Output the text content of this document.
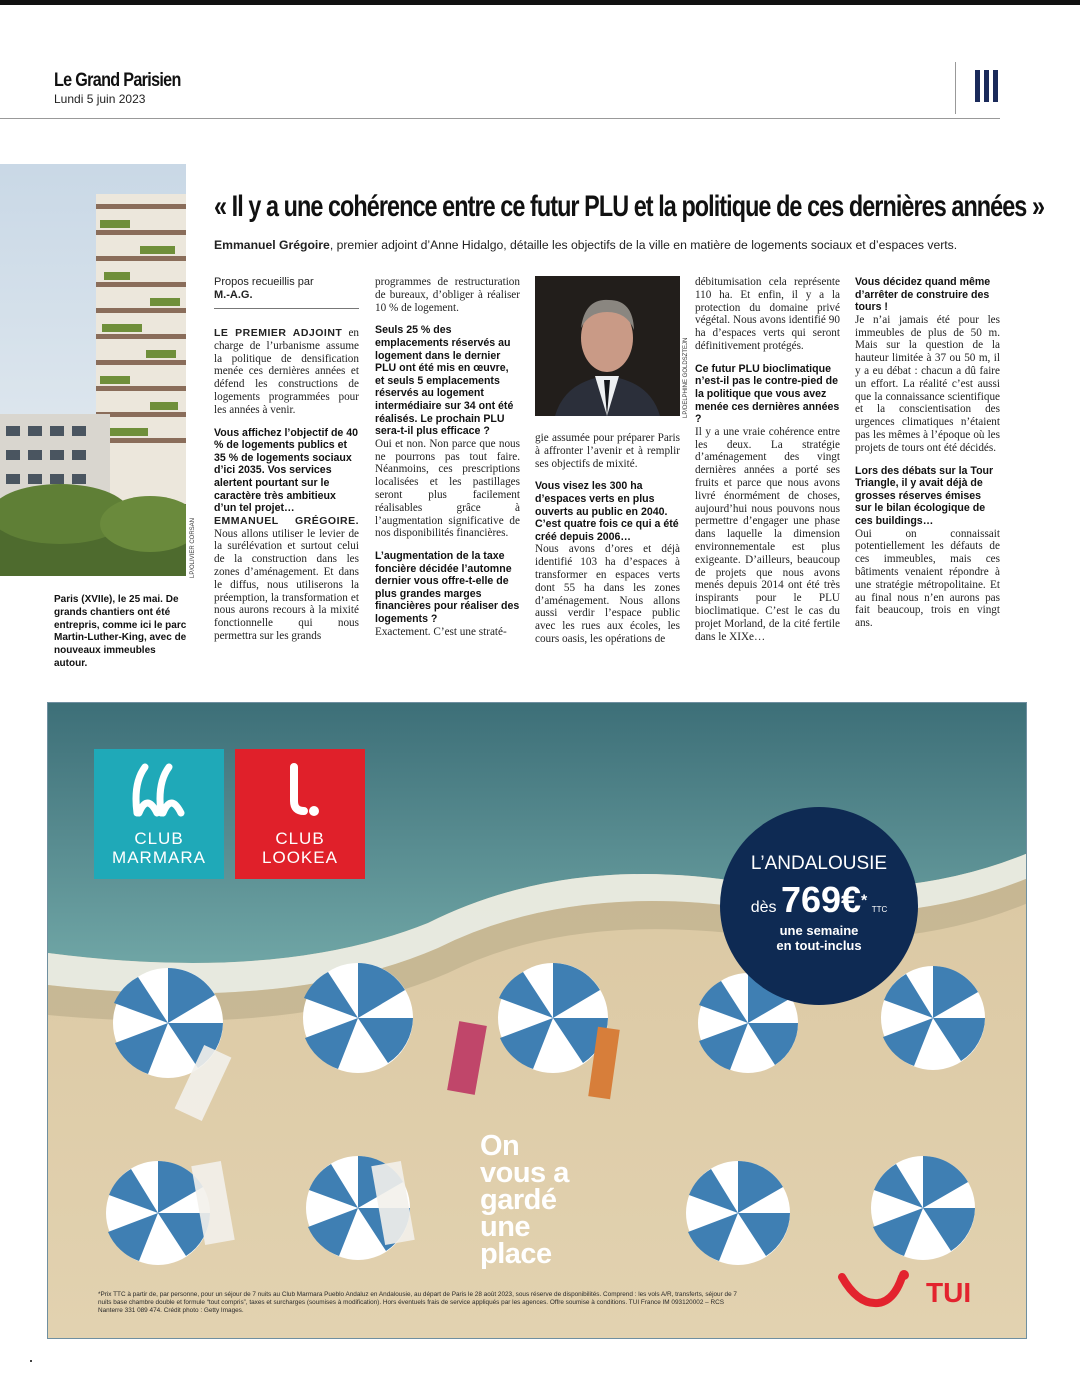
Le Grand Parisien
Lundi 5 juin 2023
LP/OLIVIER CORSAN
Paris (XVIIe), le 25 mai. De grands chantiers ont été entrepris, comme ici le parc Martin-Luther-King, avec de nouveaux immeubles autour.
« Il y a une cohérence entre ce futur PLU et la politique de ces dernières années »
Emmanuel Grégoire, premier adjoint d’Anne Hidalgo, détaille les objectifs de la ville en matière de logements sociaux et d’espaces verts.
Propos recueillis par
M.-A.G.

LE PREMIER ADJOINT en charge de l’urbanisme assume la politique de densification menée ces dernières années et défend les constructions de logements programmées pour les années à venir.

Vous affichez l’objectif de 40 % de logements publics et 35 % de logements sociaux d’ici 2035. Vos services alertent pourtant sur le caractère très ambitieux d’un tel projet…

EMMANUEL GRÉGOIRE. Nous allons utiliser le levier de la surélévation et surtout celui de la construction dans les zones d’aménagement. Et dans le diffus, nous utiliserons la préemption, la transformation et nous aurons recours à la mixité fonctionnelle qui nous permettra sur les grands

programmes de restructuration de bureaux, d’obliger à réaliser 10 % de logement.

Seuls 25 % des emplacements réservés au logement dans le dernier PLU ont été mis en œuvre, et seuls 5 emplacements réservés au logement intermédiaire sur 34 ont été réalisés. Le prochain PLU sera-t-il plus efficace ?

Oui et non. Non parce que nous ne pourrons pas tout faire. Néanmoins, ces prescriptions localisées et les pastillages seront plus facilement réalisables grâce à l’augmentation significative de nos disponibilités financières.

L’augmentation de la taxe foncière décidée l’automne dernier vous offre-t-elle de plus grandes marges financières pour réaliser des logements ?

Exactement. C’est une straté-

LP/DELPHINE GOLDSZTEJN

gie assumée pour préparer Paris à affronter l’avenir et à remplir ses objectifs de mixité.

Vous visez les 300 ha d’espaces verts en plus ouverts au public en 2040. C’est quatre fois ce qui a été créé depuis 2006…

Nous avons d’ores et déjà identifié 103 ha d’espaces à transformer en espaces verts dont 55 ha dans les zones d’aménagement. Nous allons aussi verdir l’espace public avec les rues aux écoles, les cours oasis, les opérations de

débitumisation cela représente 110 ha. Et enfin, il y a la protection du domaine privé végétal. Nous avons identifié 90 ha d’espaces verts qui seront définitivement protégés.

Ce futur PLU bioclimatique n’est-il pas le contre-pied de la politique que vous avez menée ces dernières années ?

Il y a une vraie cohérence entre les deux. La stratégie d’aménagement des vingt dernières années a porté ses fruits et parce que nous avons livré énormément de choses, aujourd’hui nous pouvons nous permettre d’engager une phase dans laquelle la dimension environnementale est plus exigeante. D’ailleurs, beaucoup de projets que nous avons menés depuis 2014 ont été très inspirants pour le PLU bioclimatique. C’est le cas du projet Morland, de la cité fertile dans le XIXe…

Vous décidez quand même d’arrêter de construire des tours !

Je n’ai jamais été pour les immeubles de plus de 50 m. Mais sur la question de la hauteur limitée à 37 ou 50 m, il y a eu débat : chacun a dû faire un effort. La réalité c’est aussi que la connaissance scientifique et la conscientisation des urgences climatiques n’étaient pas les mêmes à l’époque où les projets de tours ont été décidés.

Lors des débats sur la Tour Triangle, il y avait déjà de grosses réserves émises sur le bilan écologique de ces buildings…

Oui on connaissait potentiellement les défauts de ces immeubles, mais ces bâtiments venaient répondre à une stratégie métropolitaine. Et au final nous n’en aurons pas fait beaucoup, trois en vingt ans.

CLUB
MARMARA
CLUB
LOOKEA	L’ANDALOUSIE
dès 769€* TTC
une semaine
en tout-inclus
On
vous a
gardé
une
place
TUI
*Prix TTC à partir de, par personne, pour un séjour de 7 nuits au Club Marmara Pueblo Andaluz en Andalousie, au départ de Paris le 28 août 2023, sous réserve de disponibilités. Comprend : les vols A/R, transferts, séjour de 7 nuits base chambre double et formule “tout compris”, taxes et surcharges (soumises à modification). Hors éventuels frais de service appliqués par les agences. Offre soumise à conditions. TUI France IM 093120002 – RCS Nanterre 331 089 474. Crédit photo : Getty Images.
